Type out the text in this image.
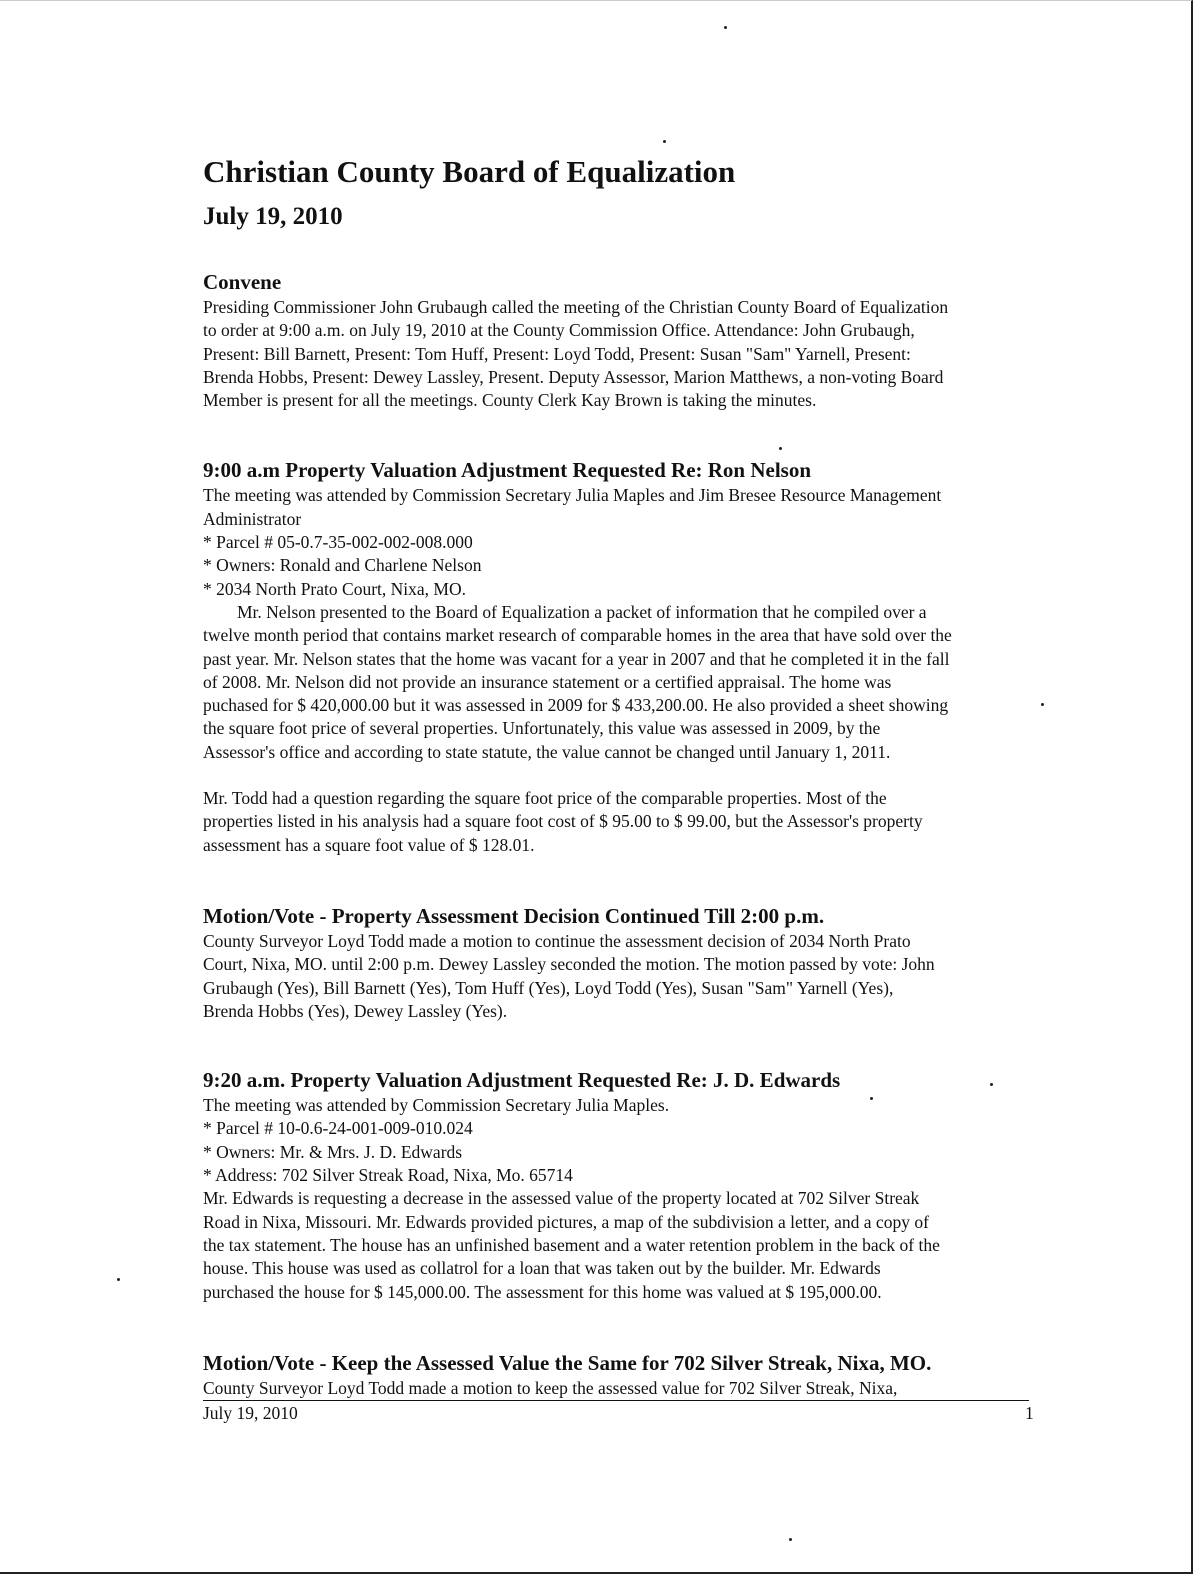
Christian County Board of Equalization
July 19, 2010
Convene

Presiding Commissioner John Grubaugh called the meeting of the Christian County Board of Equalization
to order at 9:00 a.m. on July 19, 2010 at the County Commission Office. Attendance: John Grubaugh,
Present: Bill Barnett, Present: Tom Huff, Present: Loyd Todd, Present: Susan "Sam" Yarnell, Present:
Brenda Hobbs, Present: Dewey Lassley, Present. Deputy Assessor, Marion Matthews, a non-voting Board
Member is present for all the meetings. County Clerk Kay Brown is taking the minutes.

9:00 a.m Property Valuation Adjustment Requested Re: Ron Nelson

The meeting was attended by Commission Secretary Julia Maples and Jim Bresee Resource Management
Administrator

* Parcel # 05-0.7-35-002-002-008.000

* Owners: Ronald and Charlene Nelson

* 2034 North Prato Court, Nixa, MO.

Mr. Nelson presented to the Board of Equalization a packet of information that he compiled over a
twelve month period that contains market research of comparable homes in the area that have sold over the
past year. Mr. Nelson states that the home was vacant for a year in 2007 and that he completed it in the fall
of 2008. Mr. Nelson did not provide an insurance statement or a certified appraisal. The home was
puchased for $ 420,000.00 but it was assessed in 2009 for $ 433,200.00. He also provided a sheet showing
the square foot price of several properties. Unfortunately, this value was assessed in 2009, by the
Assessor's office and according to state statute, the value cannot be changed until January 1, 2011.

Mr. Todd had a question regarding the square foot price of the comparable properties. Most of the
properties listed in his analysis had a square foot cost of $ 95.00 to $ 99.00, but the Assessor's property
assessment has a square foot value of $ 128.01.

Motion/Vote - Property Assessment Decision Continued Till 2:00 p.m.

County Surveyor Loyd Todd made a motion to continue the assessment decision of 2034 North Prato
Court, Nixa, MO. until 2:00 p.m. Dewey Lassley seconded the motion. The motion passed by vote: John
Grubaugh (Yes), Bill Barnett (Yes), Tom Huff (Yes), Loyd Todd (Yes), Susan "Sam" Yarnell (Yes),
Brenda Hobbs (Yes), Dewey Lassley (Yes).

9:20 a.m. Property Valuation Adjustment Requested Re: J. D. Edwards

The meeting was attended by Commission Secretary Julia Maples.

* Parcel # 10-0.6-24-001-009-010.024

* Owners: Mr. & Mrs. J. D. Edwards

* Address: 702 Silver Streak Road, Nixa, Mo. 65714

Mr. Edwards is requesting a decrease in the assessed value of the property located at 702 Silver Streak
Road in Nixa, Missouri. Mr. Edwards provided pictures, a map of the subdivision a letter, and a copy of
the tax statement. The house has an unfinished basement and a water retention problem in the back of the
house. This house was used as collatrol for a loan that was taken out by the builder. Mr. Edwards
purchased the house for $ 145,000.00. The assessment for this home was valued at $ 195,000.00.

Motion/Vote - Keep the Assessed Value the Same for 702 Silver Streak, Nixa, MO.

County Surveyor Loyd Todd made a motion to keep the assessed value for 702 Silver Streak, Nixa,

July 19, 2010	1
